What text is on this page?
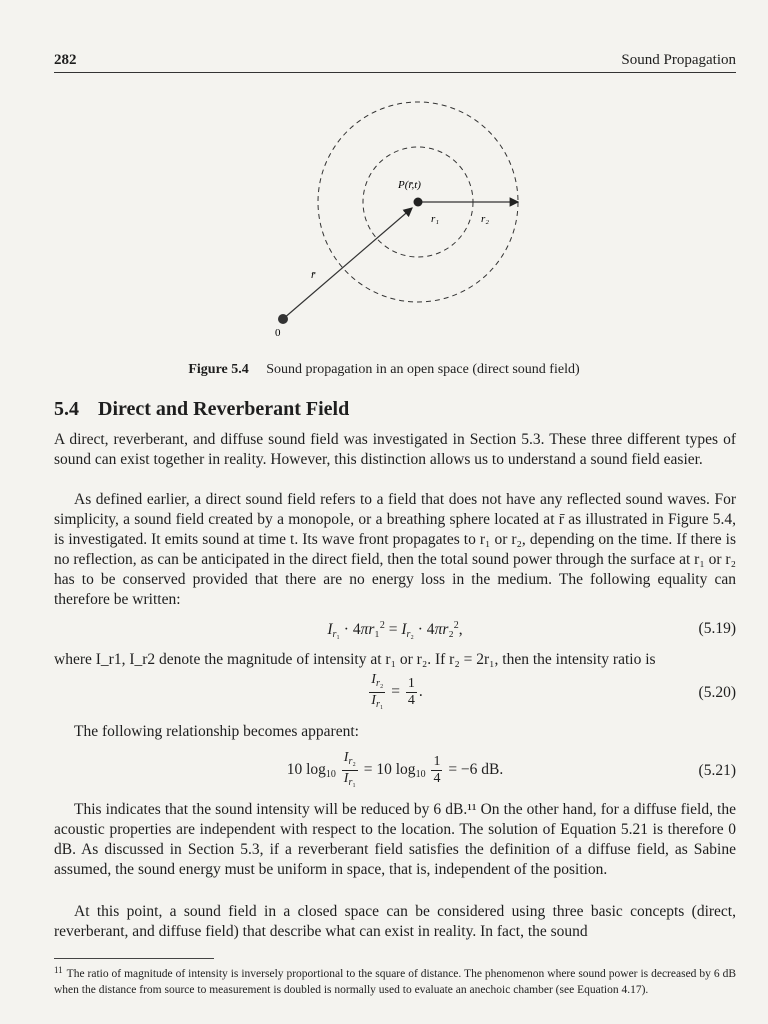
282	Sound Propagation
P(r̄,t)
r₁	r₂
r̄
0
Figure 5.4 Sound propagation in an open space (direct sound field)
5.4 Direct and Reverberant Field

A direct, reverberant, and diffuse sound field was investigated in Section 5.3. These three different types of sound can exist together in reality. However, this distinction allows us to understand a sound field easier.

As defined earlier, a direct sound field refers to a field that does not have any reflected sound waves. For simplicity, a sound field created by a monopole, or a breathing sphere located at r̄ as illustrated in Figure 5.4, is investigated. It emits sound at time t. Its wave front propagates to r₁ or r₂, depending on the time. If there is no reflection, as can be anticipated in the direct field, then the total sound power through the surface at r₁ or r₂ has to be conserved provided that there are no energy loss in the medium. The following equality can therefore be written:

$I_{r_1} \cdot 4\pi r_1^2 = I_{r_2} \cdot 4\pi r_2^2$,	(5.19)

where I_r1, I_r2 denote the magnitude of intensity at r₁ or r₂. If r₂ = 2r₁, then the intensity ratio is

$\frac{I_{r_2}}{I_{r_1}} = \frac{1}{4}$ .	(5.20)

The following relationship becomes apparent:

10 $\log_{10} \frac{I_{r_2}}{I_{r_1}} = 10$ $\log_{10} \frac{1}{4} = -6$ dB.	(5.21)

This indicates that the sound intensity will be reduced by 6 dB.¹¹ On the other hand, for a diffuse field, the acoustic properties are independent with respect to the location. The solution of Equation 5.21 is therefore 0 dB. As discussed in Section 5.3, if a reverberant field satisfies the definition of a diffuse field, as Sabine assumed, the sound energy must be uniform in space, that is, independent of the position.

At this point, a sound field in a closed space can be considered using three basic concepts (direct, reverberant, and diffuse field) that describe what can exist in reality. In fact, the sound

$^{11}$ The ratio of magnitude of intensity is inversely proportional to the square of distance. The phenomenon where sound power is decreased by 6 dB when the distance from source to measurement is doubled is normally used to evaluate an anechoic chamber (see Equation 4.17).
